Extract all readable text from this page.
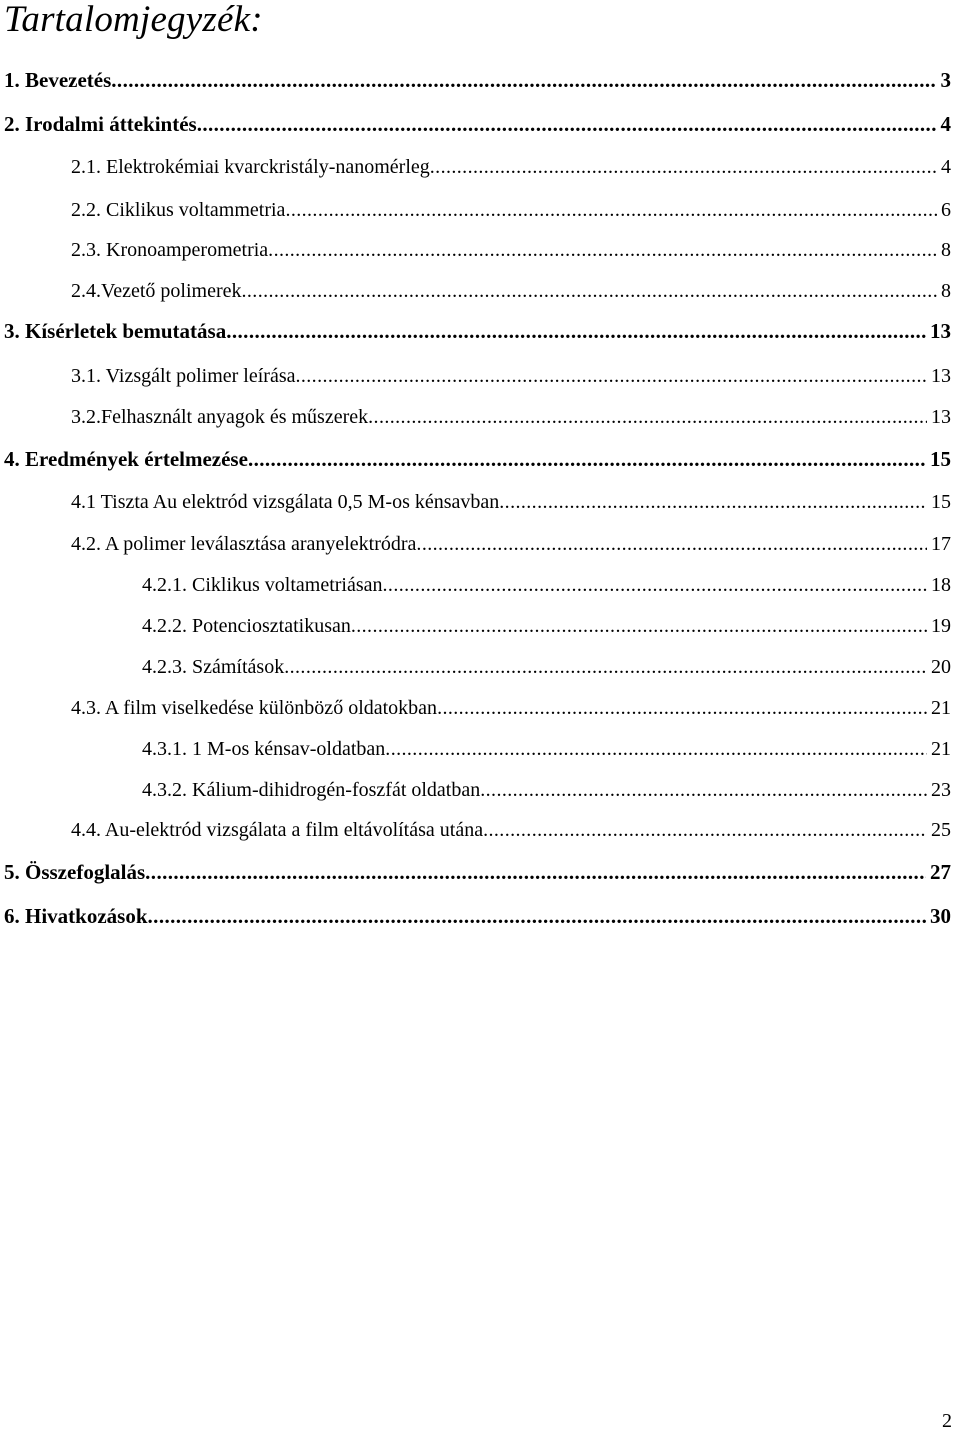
Tartalomjegyzék:
1. Bevezetés .....	3
2. Irodalmi áttekintés .....	4
2.1. Elektrokémiai kvarckristály-nanomérleg .....	4
2.2. Ciklikus voltammetria .....	6
2.3. Kronoamperometria .....	8
2.4.Vezető polimerek .....	8
3. Kísérletek bemutatása .....	13
3.1. Vizsgált polimer leírása .....	13
3.2.Felhasznált anyagok és műszerek .....	13
4. Eredmények értelmezése .....	15
4.1 Tiszta Au elektród vizsgálata 0,5 M-os kénsavban .....	15
4.2. A polimer leválasztása aranyelektródra .....	17
4.2.1. Ciklikus voltametriásan .....	18
4.2.2. Potenciosztatikusan .....	19
4.2.3. Számítások .....	20
4.3. A film viselkedése különböző oldatokban .....	21
4.3.1. 1 M-os kénsav-oldatban .....	21
4.3.2. Kálium-dihidrogén-foszfát oldatban .....	23
4.4. Au-elektród vizsgálata a film eltávolítása utána .....	25
5. Összefoglalás .....	27
6. Hivatkozások .....	30
2
